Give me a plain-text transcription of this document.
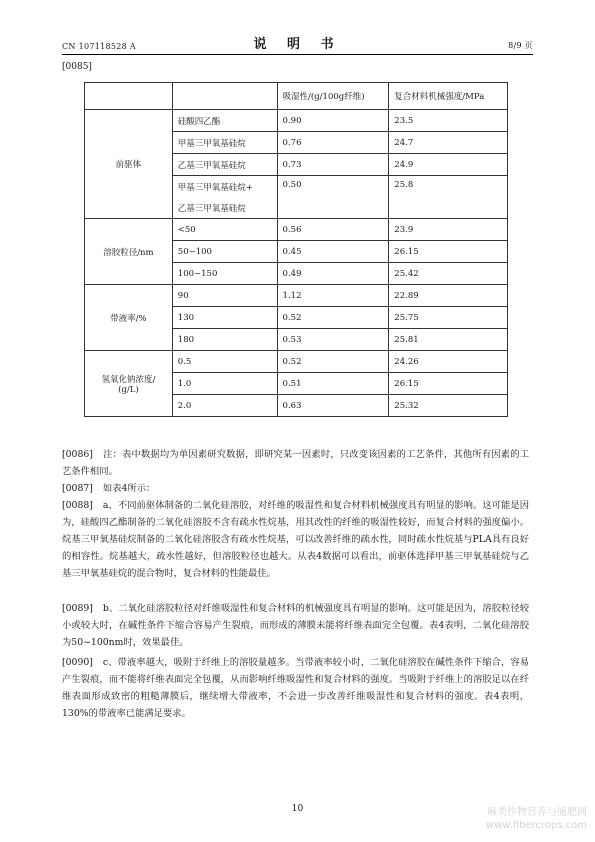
CN 107118528 A	说 明 书	8/9 页
[0085]
		吸湿性/(g/100g纤维)	复合材料机械强度/MPa
前驱体	硅酸四乙酯	0.90	23.5
	甲基三甲氧基硅烷	0.76	24.7
	乙基三甲氧基硅烷	0.73	24.9
	甲基三甲氧基硅烷+	0.50	25.8
	乙基三甲氧基硅烷		
溶胶粒径/nm	<50	0.56	23.9
	50~100	0.45	26.15
	100~150	0.49	25.42
带液率/%	90	1.12	22.89
	130	0.52	25.75
	180	0.53	25.81
氢氧化钠浓度/
(g/L)	0.5	0.52	24.26
	1.0	0.51	26.15
	2.0	0.63	25.32
[0086] 注：表中数据均为单因素研究数据，即研究某一因素时，只改变该因素的工艺条件，其他所有因素的工艺条件相同。
[0087] 如表4所示：
[0088] a、不同前驱体制备的二氧化硅溶胶，对纤维的吸湿性和复合材料机械强度具有明显的影响。这可能是因为，硅酸四乙酯制备的二氧化硅溶胶不含有疏水性烷基，用其改性的纤维的吸湿性较好，而复合材料的强度偏小。烷基三甲氧基硅烷制备的二氧化硅溶胶含有疏水性烷基，可以改善纤维的疏水性，同时疏水性烷基与PLA具有良好的相容性。烷基越大，疏水性越好，但溶胶粒径也越大。从表4数据可以看出，前驱体选择甲基三甲氧基硅烷与乙基三甲氧基硅烷的混合物时，复合材料的性能最佳。
[0089] b、二氧化硅溶胶粒径对纤维吸湿性和复合材料的机械强度具有明显的影响。这可能是因为，溶胶粒径较小或较大时，在碱性条件下缩合容易产生裂痕，而形成的薄膜未能将纤维表面完全包覆。表4表明，二氧化硅溶胶为50~100nm时，效果最佳。
[0090] c、带液率越大，吸附于纤维上的溶胶量越多。当带液率较小时，二氧化硅溶胶在碱性条件下缩合，容易产生裂痕，而不能将纤维表面完全包覆，从而影响纤维吸湿性和复合材料的强度。当吸附于纤维上的溶胶足以在纤维表面形成致密的粗糙薄膜后，继续增大带液率，不会进一步改善纤维吸湿性和复合材料的强度。表4表明，130%的带液率已能满足要求。
10	麻类作物营养与施肥网
www.fibercrops.com
